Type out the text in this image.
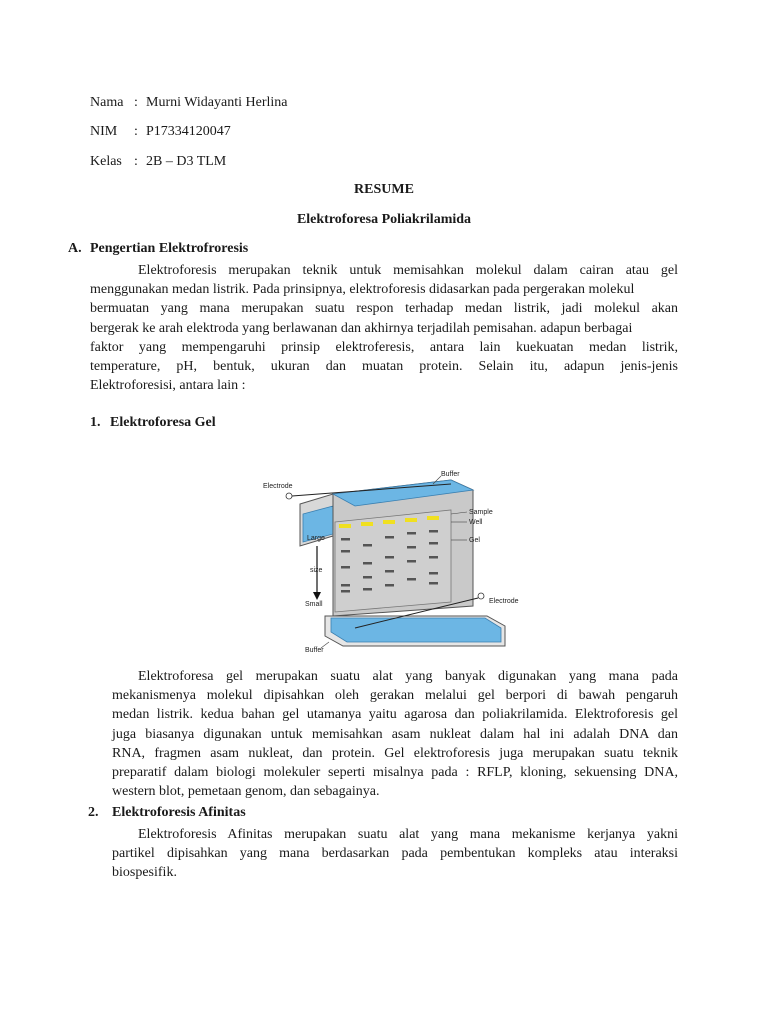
Nama : Murni Widayanti Herlina
NIM : P17334120047
Kelas : 2B – D3 TLM
RESUME
Elektroforesa Poliakrilamida
A. Pengertian Elektrofroresis
Elektroforesis merupakan teknik untuk memisahkan molekul dalam cairan atau gel
menggunakan medan listrik. Pada prinsipnya, elektroforesis didasarkan pada pergerakan molekul
bermuatan yang mana merupakan suatu respon terhadap medan listrik, jadi molekul akan
bergerak ke arah elektroda yang berlawanan dan akhirnya terjadilah pemisahan. adapun berbagai
faktor yang mempengaruhi prinsip elektroferesis, antara lain kuekuatan medan listrik,
temperature, pH, bentuk, ukuran dan muatan protein. Selain itu, adapun jenis-jenis
Elektroforesisi, antara lain :
1. Elektroforesa Gel
Buffer
Electrode
Sample
Well
Gel
Large
size
Small	Electrode
Buffer
Elektroforesa gel merupakan suatu alat yang banyak digunakan yang mana pada
mekanismenya molekul dipisahkan oleh gerakan melalui gel berpori di bawah pengaruh
medan listrik. kedua bahan gel utamanya yaitu agarosa dan poliakrilamida. Elektroforesis gel
juga biasanya digunakan untuk memisahkan asam nukleat dalam hal ini adalah DNA dan
RNA, fragmen asam nukleat, dan protein. Gel elektroforesis juga merupakan suatu teknik
preparatif dalam biologi molekuler seperti misalnya pada : RFLP, kloning, sekuensing DNA,
western blot, pemetaan genom, dan sebagainya.
2. Elektroforesis Afinitas
Elektroforesis Afinitas merupakan suatu alat yang mana mekanisme kerjanya yakni
partikel dipisahkan yang mana berdasarkan pada pembentukan kompleks atau interaksi
biospesifik.
